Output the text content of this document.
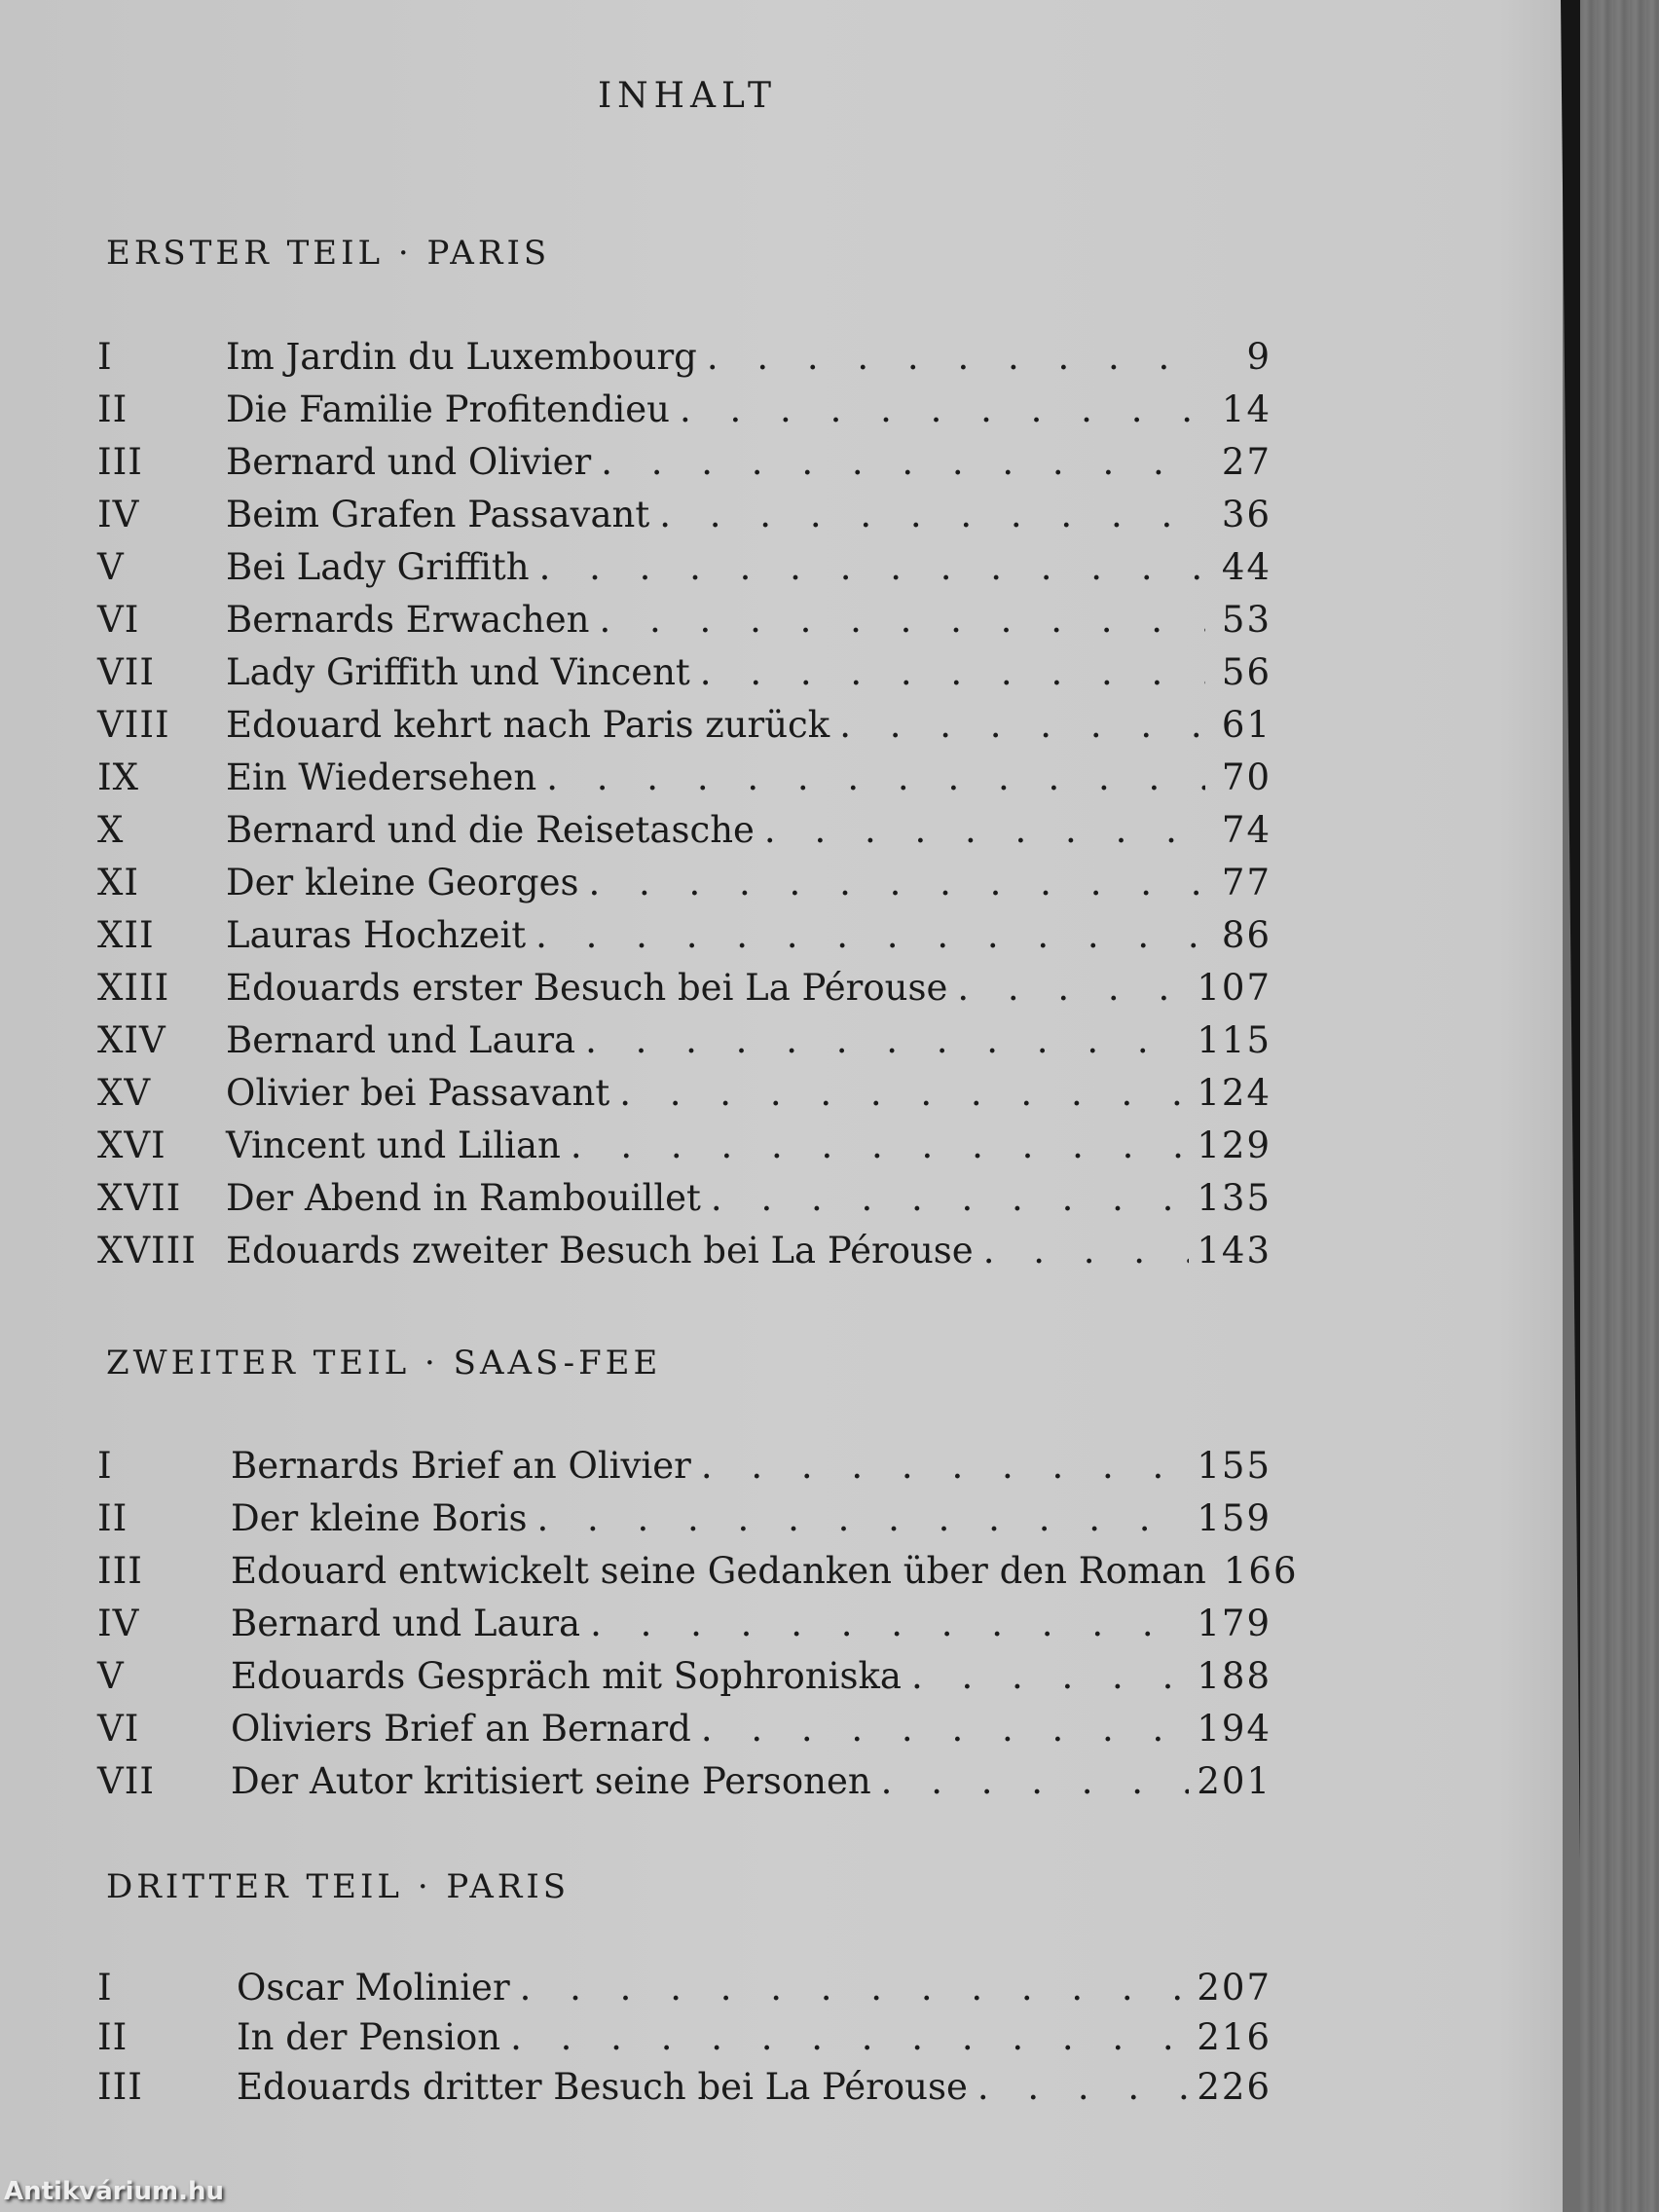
INHALT
ERSTER TEIL · PARIS
I	Im Jardin du Luxembourg . . .	9
II	Die Familie Profitendieu . . .	14
III	Bernard und Olivier . . .	27
IV	Beim Grafen Passavant . . .	36
V	Bei Lady Griffith . . .	44
VI	Bernards Erwachen . . .	53
VII	Lady Griffith und Vincent . . .	56
VIII	Edouard kehrt nach Paris zurück . . .	61
IX	Ein Wiedersehen . . .	70
X	Bernard und die Reisetasche . . .	74
XI	Der kleine Georges . . .	77
XII	Lauras Hochzeit . . .	86
XIII	Edouards erster Besuch bei La Pérouse . . .	107
XIV	Bernard und Laura . . .	115
XV	Olivier bei Passavant . . .	124
XVI	Vincent und Lilian . . .	129
XVII	Der Abend in Rambouillet . . .	135
XVIII Edouards zweiter Besuch bei La Pérouse . . .	143
ZWEITER TEIL · SAAS-FEE
I	Bernards Brief an Olivier . . .	155
II	Der kleine Boris . . .	159
III	Edouard entwickelt seine Gedanken über den Roman 166
IV	Bernard und Laura . . .	179
V	Edouards Gespräch mit Sophroniska . . .	188
VI	Oliviers Brief an Bernard . . .	194
VII	Der Autor kritisiert seine Personen . . .	201
DRITTER TEIL · PARIS
I	Oscar Molinier . . .	207
II	In der Pension . . .	216
III	Edouards dritter Besuch bei La Pérouse . . .	226
Antikvárium.hu
